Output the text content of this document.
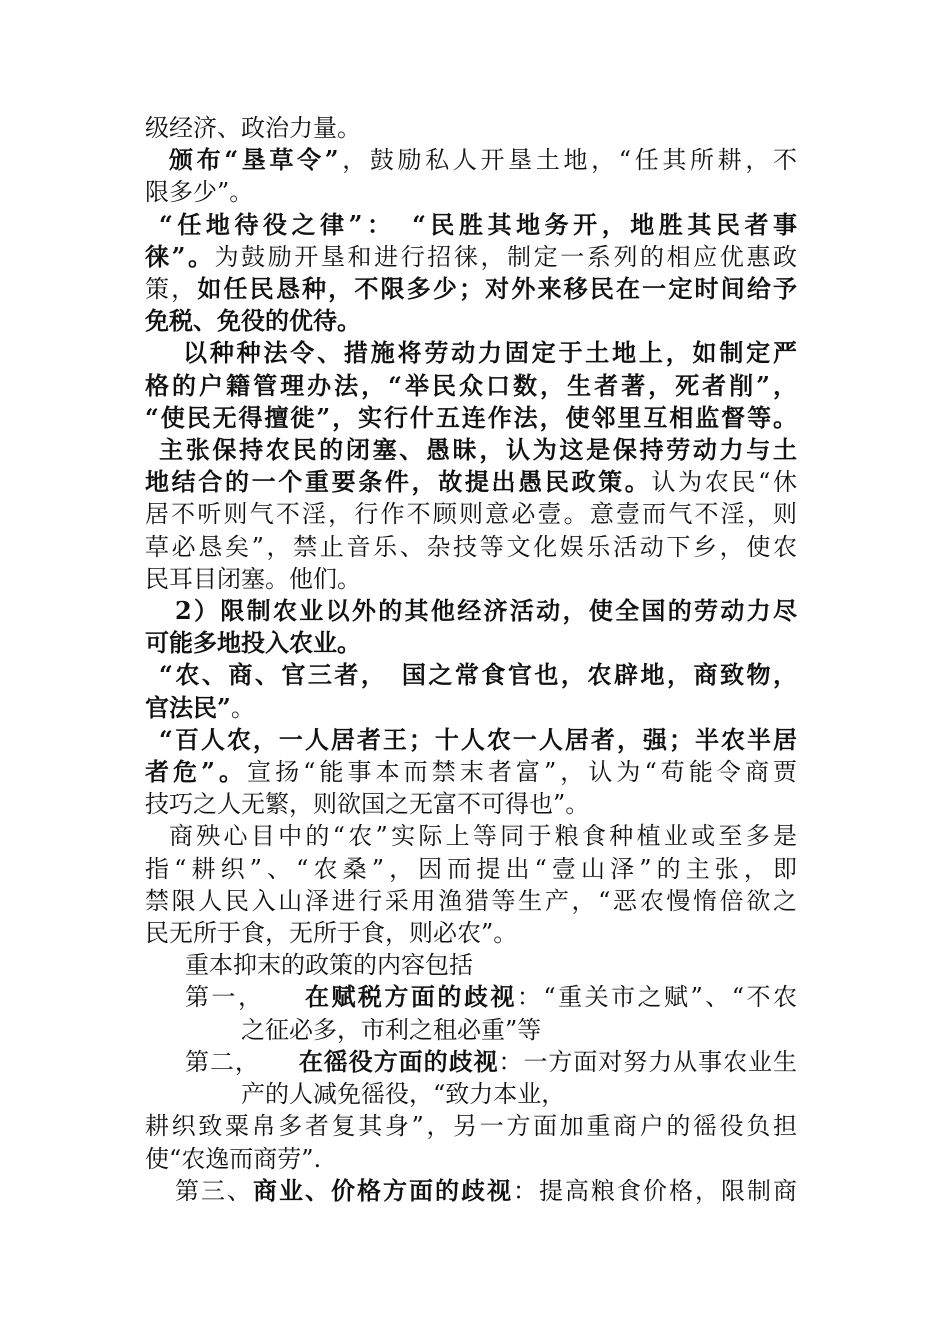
级经济、政治力量。
颁布“垦草令”，鼓励私人开垦土地，“任其所耕，不
限多少”。
“任地待役之律”：　“民胜其地务开，地胜其民者事
徕”。为鼓励开垦和进行招徕，制定一系列的相应优惠政
策，如任民恳种，不限多少；对外来移民在一定时间给予
免税、免役的优待。
以种种法令、措施将劳动力固定于土地上，如制定严
格的户籍管理办法，“举民众口数，生者著，死者削”，
“使民无得擅徙”，实行什五连作法，使邻里互相监督等。
主张保持农民的闭塞、愚昧，认为这是保持劳动力与土
地结合的一个重要条件，故提出愚民政策。认为农民“休
居不听则气不淫，行作不顾则意必壹。意壹而气不淫，则
草必恳矣”，禁止音乐、杂技等文化娱乐活动下乡，使农
民耳目闭塞。他们。
2）限制农业以外的其他经济活动，使全国的劳动力尽
可能多地投入农业。
“农、商、官三者，　国之常食官也，农辟地，商致物，
官法民”。
“百人农，一人居者王；十人农一人居者，强；半农半居
者危”。宣扬“能事本而禁末者富”，认为“苟能令商贾
技巧之人无繁，则欲国之无富不可得也”。
商殃心目中的“农”实际上等同于粮食种植业或至多是
指“耕织”、“农桑”，因而提出“壹山泽”的主张，即
禁限人民入山泽进行采用渔猎等生产，“恶农慢惰倍欲之
民无所于食，无所于食，则必农”。
重本抑末的政策的内容包括
第一， 在赋税方面的歧视：“重关市之赋”、“不农
之征必多，市利之租必重”等
第二， 在徭役方面的歧视：一方面对努力从事农业生
产的人减免徭役，“致力本业，
耕织致粟帛多者复其身”，另一方面加重商户的徭役负担
使“农逸而商劳”.
第三、商业、价格方面的歧视：提高粮食价格，限制商
